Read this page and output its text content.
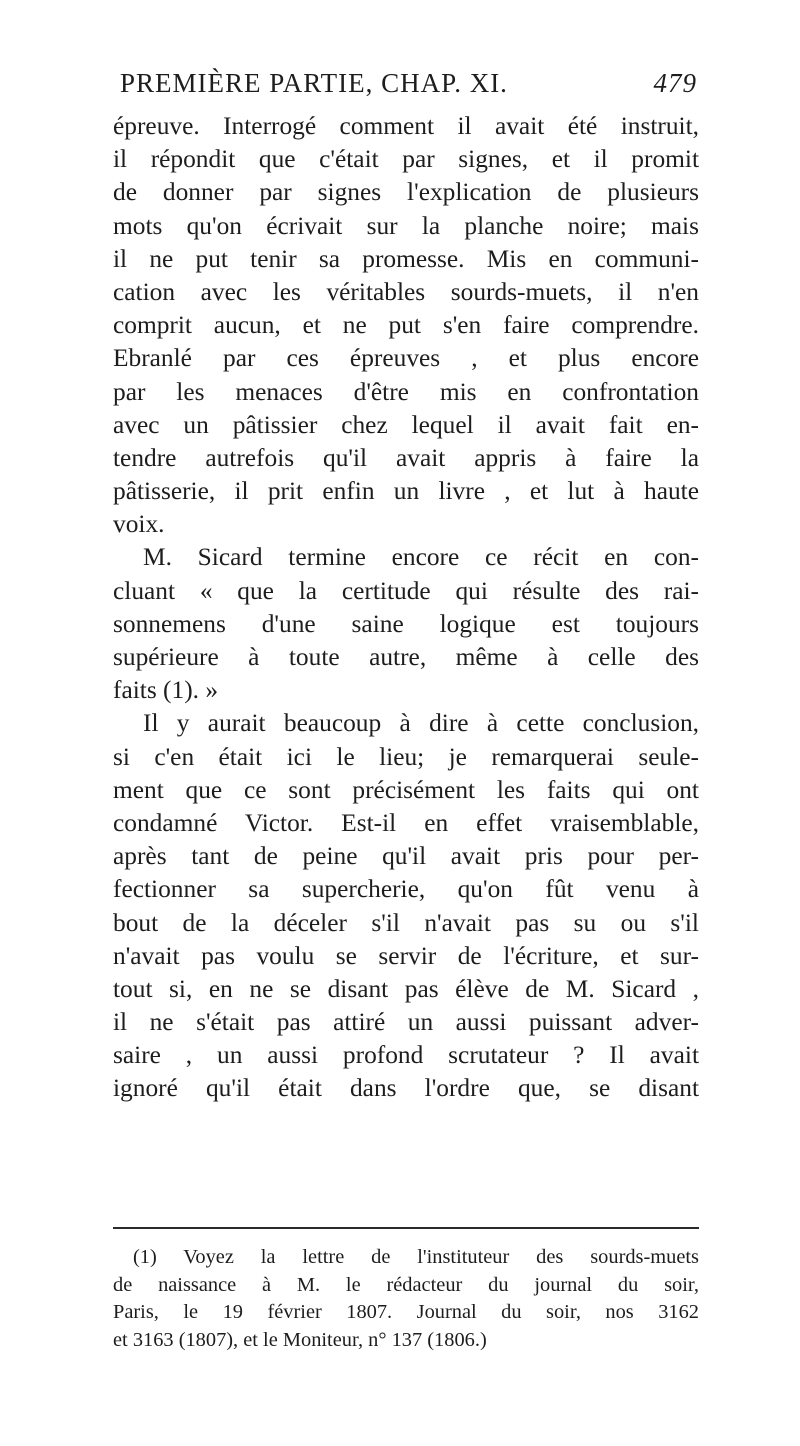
PREMIÈRE PARTIE, CHAP. XI.	479
épreuve. Interrogé comment il avait été instruit,
il répondit que c'était par signes, et il promit
de donner par signes l'explication de plusieurs
mots qu'on écrivait sur la planche noire; mais
il ne put tenir sa promesse. Mis en communi-
cation avec les véritables sourds-muets, il n'en
comprit aucun, et ne put s'en faire comprendre.
Ebranlé par ces épreuves , et plus encore
par les menaces d'être mis en confrontation
avec un pâtissier chez lequel il avait fait en-
tendre autrefois qu'il avait appris à faire la
pâtisserie, il prit enfin un livre , et lut à haute
voix.
M. Sicard termine encore ce récit en con-
cluant « que la certitude qui résulte des rai-
sonnemens d'une saine logique est toujours
supérieure à toute autre, même à celle des
faits (1). »
Il y aurait beaucoup à dire à cette conclusion,
si c'en était ici le lieu; je remarquerai seule-
ment que ce sont précisément les faits qui ont
condamné Victor. Est-il en effet vraisemblable,
après tant de peine qu'il avait pris pour per-
fectionner sa supercherie, qu'on fût venu à
bout de la déceler s'il n'avait pas su ou s'il
n'avait pas voulu se servir de l'écriture, et sur-
tout si, en ne se disant pas élève de M. Sicard ,
il ne s'était pas attiré un aussi puissant adver-
saire , un aussi profond scrutateur ? Il avait
ignoré qu'il était dans l'ordre que, se disant
(1) Voyez la lettre de l'instituteur des sourds-muets
de naissance à M. le rédacteur du journal du soir,
Paris, le 19 février 1807. Journal du soir, nos 3162
et 3163 (1807), et le Moniteur, n° 137 (1806.)
